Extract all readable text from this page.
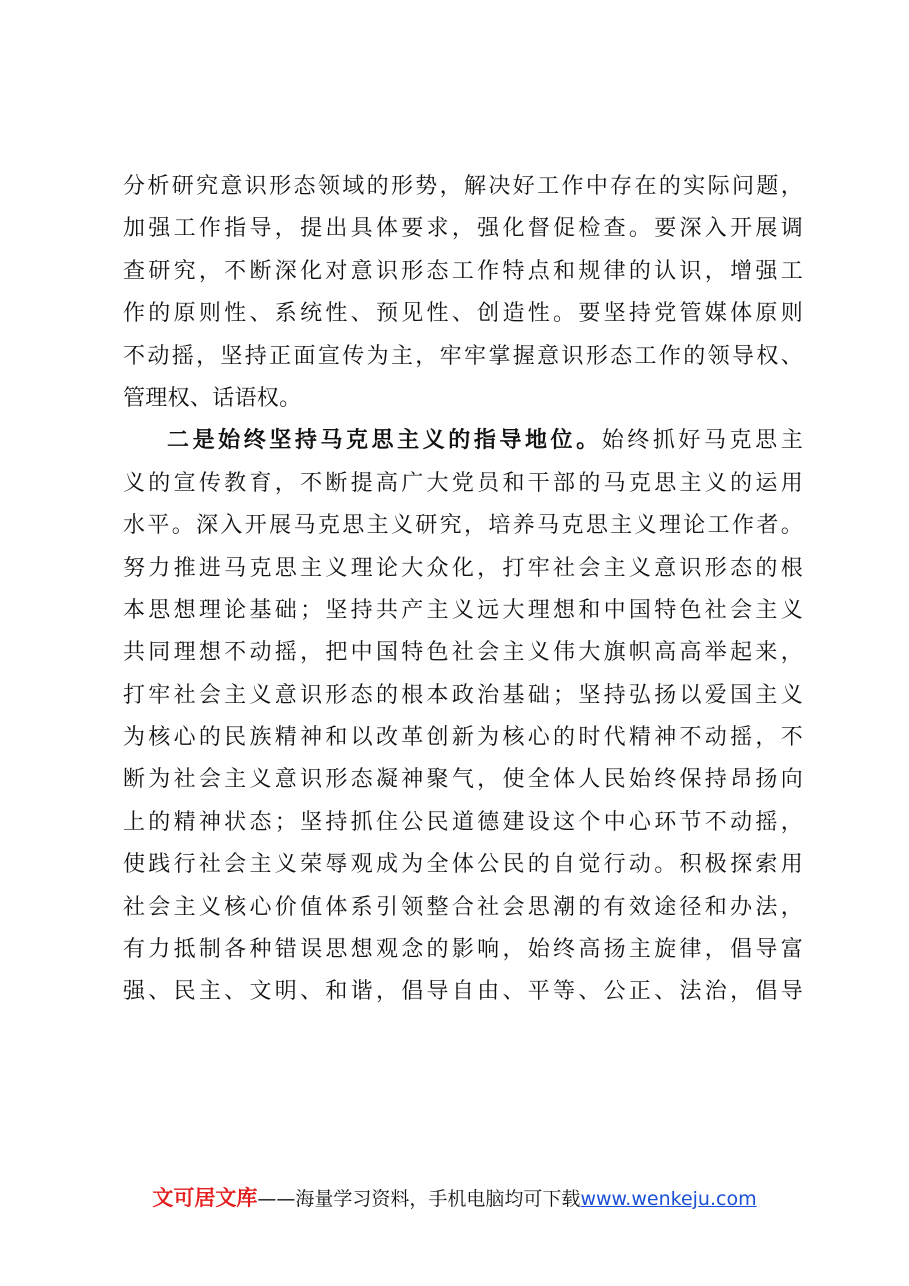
分析研究意识形态领域的形势，解决好工作中存在的实际问题，
加强工作指导，提出具体要求，强化督促检查。要深入开展调
查研究，不断深化对意识形态工作特点和规律的认识，增强工
作的原则性、系统性、预见性、创造性。要坚持党管媒体原则
不动摇，坚持正面宣传为主，牢牢掌握意识形态工作的领导权、
管理权、话语权。
二是始终坚持马克思主义的指导地位。始终抓好马克思主
义的宣传教育，不断提高广大党员和干部的马克思主义的运用
水平。深入开展马克思主义研究，培养马克思主义理论工作者。
努力推进马克思主义理论大众化，打牢社会主义意识形态的根
本思想理论基础；坚持共产主义远大理想和中国特色社会主义
共同理想不动摇，把中国特色社会主义伟大旗帜高高举起来，
打牢社会主义意识形态的根本政治基础；坚持弘扬以爱国主义
为核心的民族精神和以改革创新为核心的时代精神不动摇，不
断为社会主义意识形态凝神聚气，使全体人民始终保持昂扬向
上的精神状态；坚持抓住公民道德建设这个中心环节不动摇，
使践行社会主义荣辱观成为全体公民的自觉行动。积极探索用
社会主义核心价值体系引领整合社会思潮的有效途径和办法，
有力抵制各种错误思想观念的影响，始终高扬主旋律，倡导富
强、民主、文明、和谐，倡导自由、平等、公正、法治，倡导
文可居文库——海量学习资料，手机电脑均可下载www.wenkeju.com
